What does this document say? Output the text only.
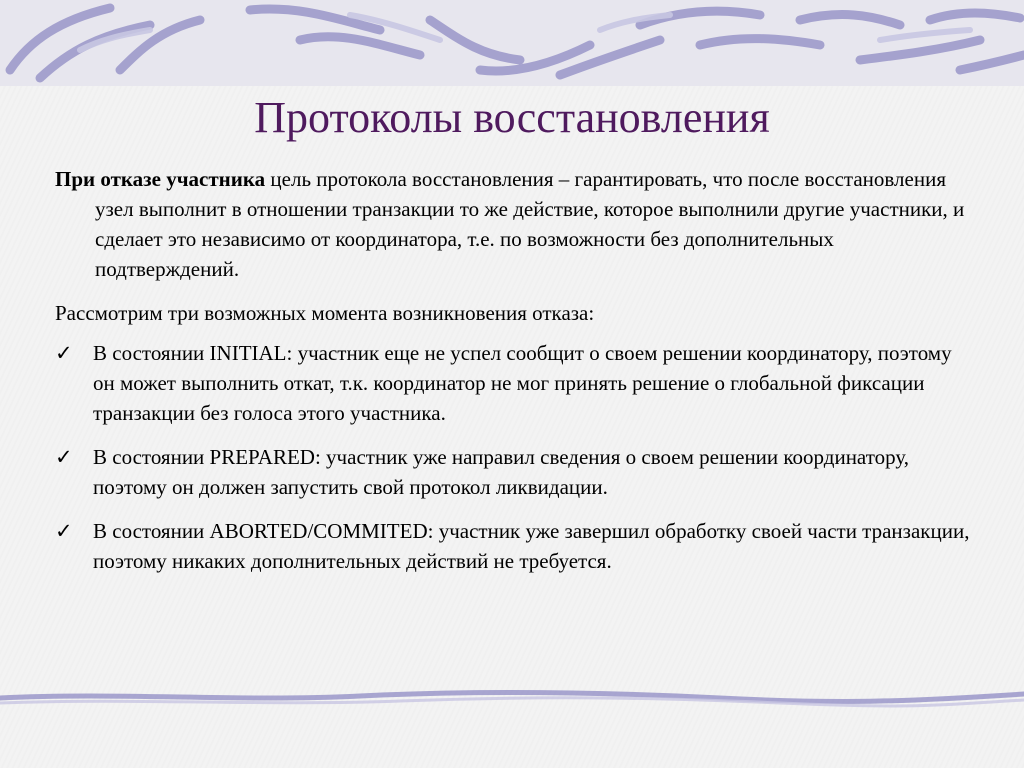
Протоколы восстановления

При отказе участника цель протокола восстановления – гарантировать, что после восстановления узел выполнит в отношении транзакции то же действие, которое выполнили другие участники, и сделает это независимо от координатора, т.е. по возможности без дополнительных подтверждений.

Рассмотрим три возможных момента возникновения отказа:

✓ В состоянии INITIAL: участник еще не успел сообщит о своем решении координатору, поэтому он может выполнить откат, т.к. координатор не мог принять решение о глобальной фиксации транзакции без голоса этого участника.
✓ В состоянии PREPARED: участник уже направил сведения о своем решении координатору, поэтому он должен запустить свой протокол ликвидации.
✓ В состоянии ABORTED/COMMITED: участник уже завершил обработку своей части транзакции, поэтому никаких дополнительных действий не требуется.
